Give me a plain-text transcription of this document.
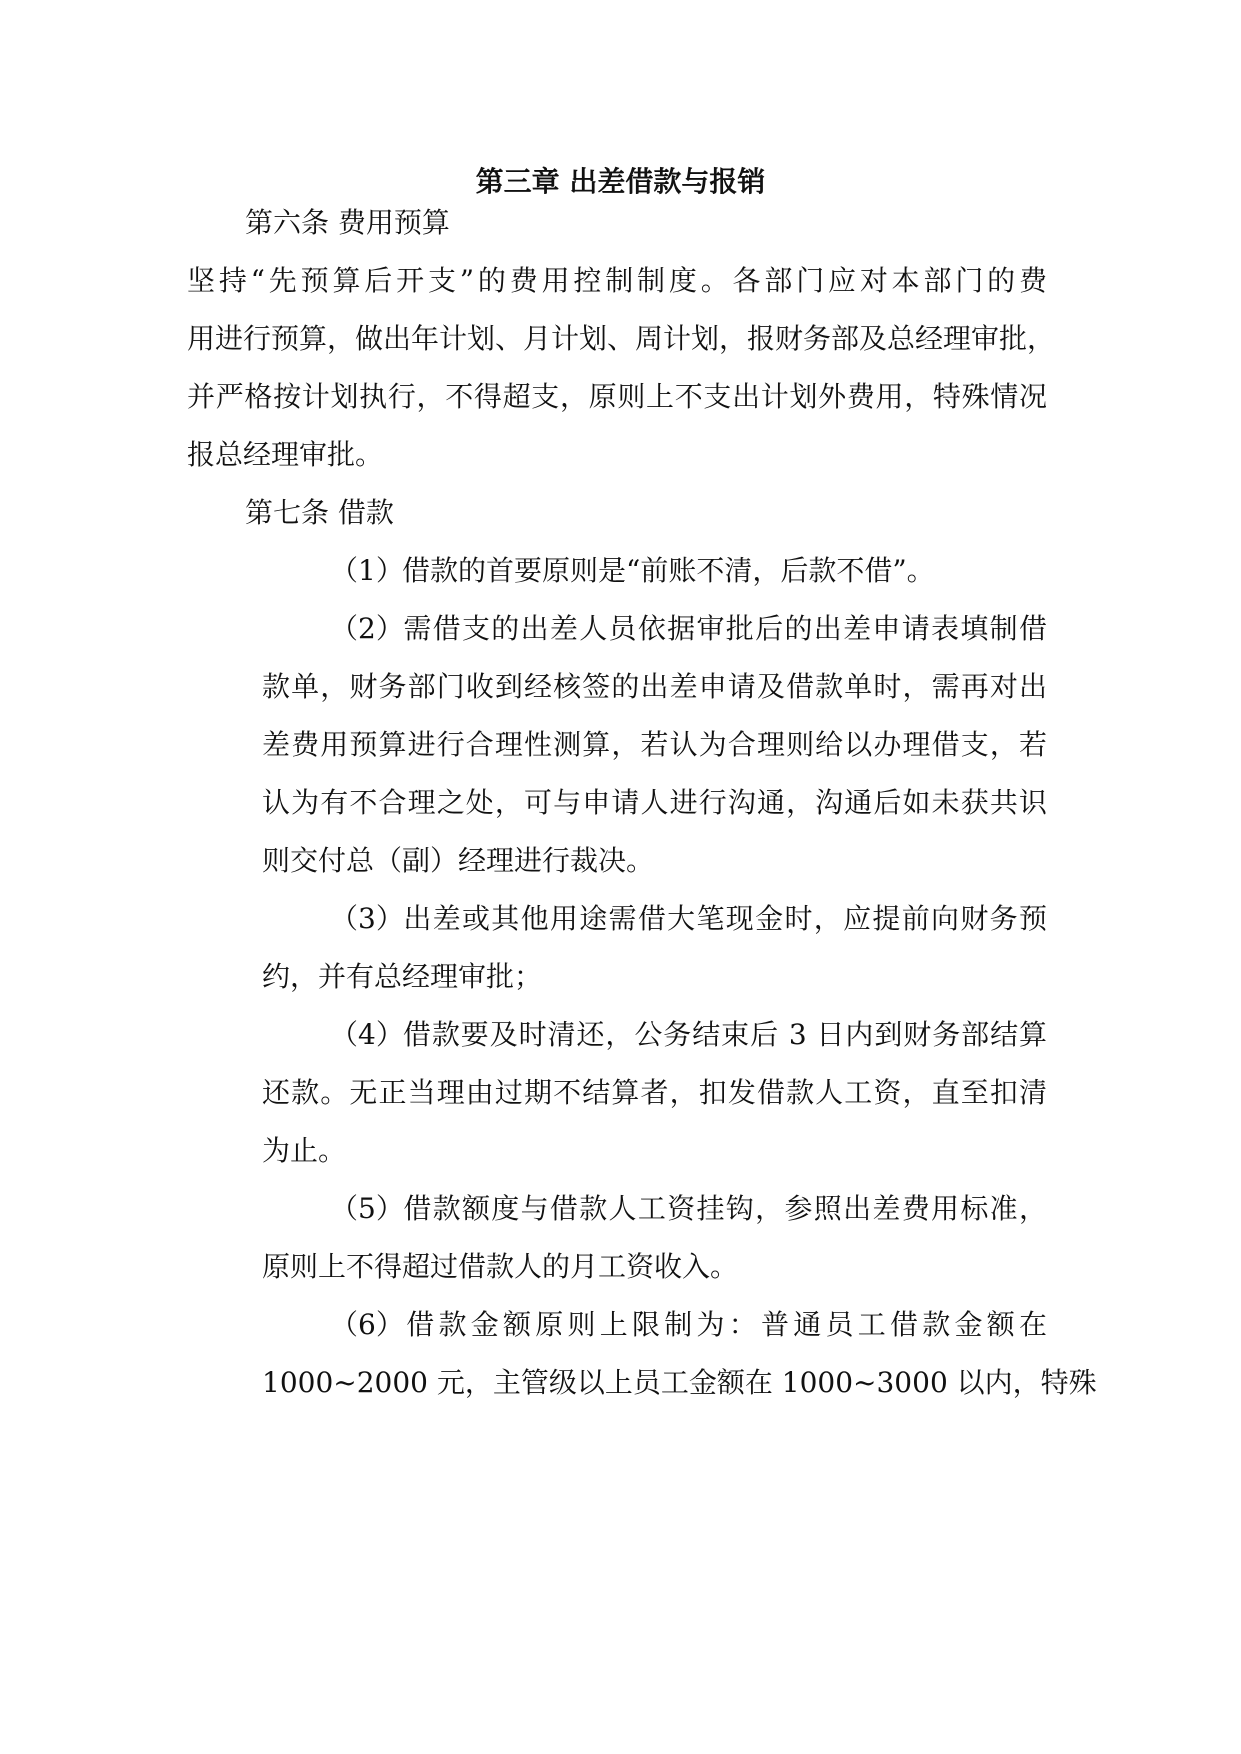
第三章 出差借款与报销

第六条 费用预算

坚持“先预算后开支”的费用控制制度。各部门应对本部门的费

用进行预算，做出年计划、月计划、周计划，报财务部及总经理审批，

并严格按计划执行，不得超支，原则上不支出计划外费用，特殊情况

报总经理审批。

第七条 借款

（1）借款的首要原则是“前账不清，后款不借”。

（2）需借支的出差人员依据审批后的出差申请表填制借

款单，财务部门收到经核签的出差申请及借款单时，需再对出

差费用预算进行合理性测算，若认为合理则给以办理借支，若

认为有不合理之处，可与申请人进行沟通，沟通后如未获共识

则交付总（副）经理进行裁决。

（3）出差或其他用途需借大笔现金时，应提前向财务预

约，并有总经理审批；

（4）借款要及时清还，公务结束后 3 日内到财务部结算

还款。无正当理由过期不结算者，扣发借款人工资，直至扣清

为止。

（5）借款额度与借款人工资挂钩，参照出差费用标准，

原则上不得超过借款人的月工资收入。

（6）借款金额原则上限制为：普通员工借款金额在

1000~2000 元，主管级以上员工金额在 1000~3000 以内，特殊
